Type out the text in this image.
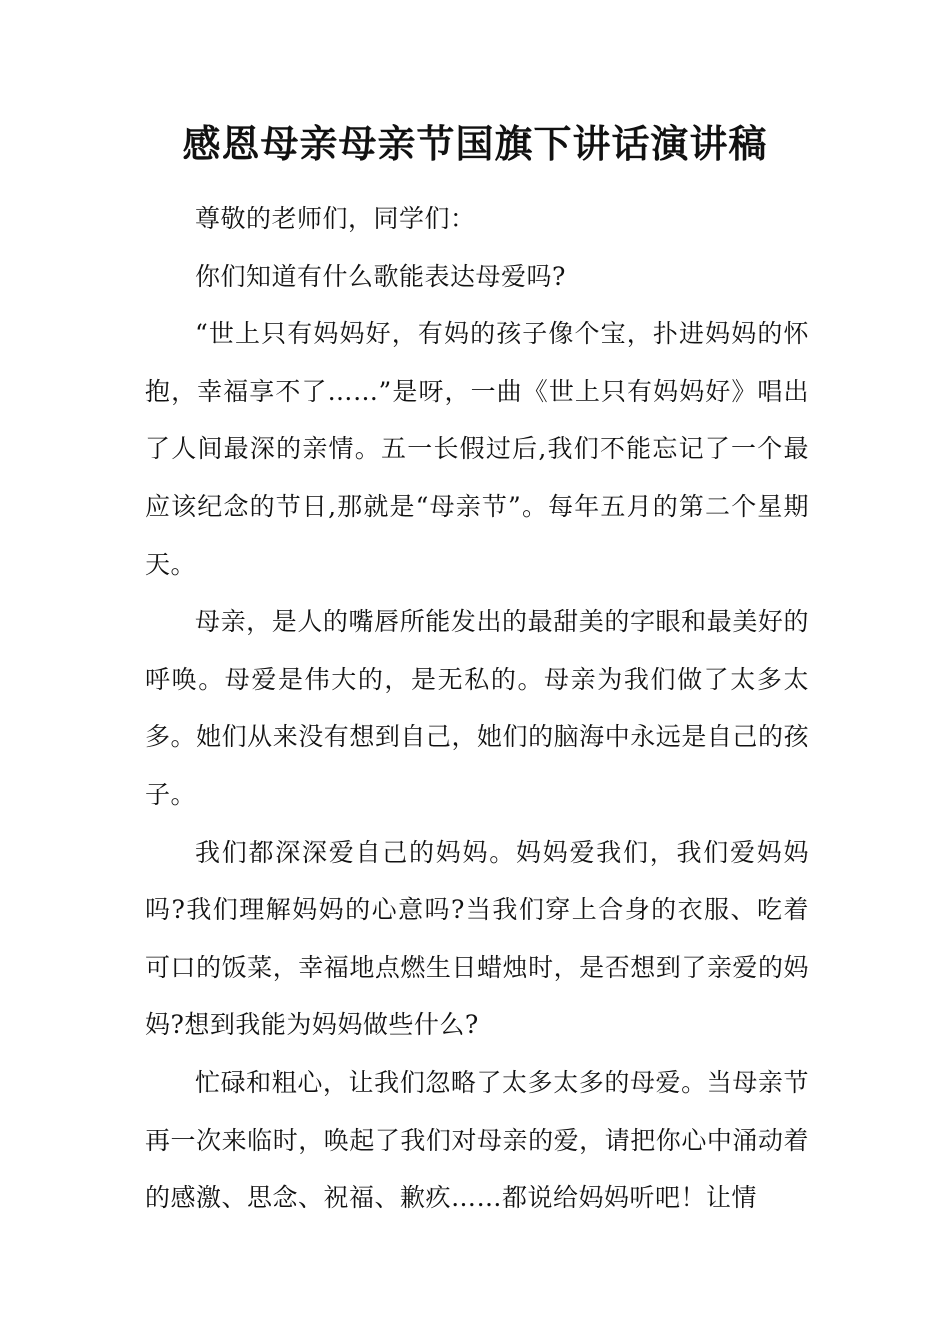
感恩母亲母亲节国旗下讲话演讲稿

尊敬的老师们，同学们：

你们知道有什么歌能表达母爱吗?

“世上只有妈妈好，有妈的孩子像个宝，扑进妈妈的怀抱，幸福享不了……”是呀，一曲《世上只有妈妈好》唱出了人间最深的亲情。五一长假过后,我们不能忘记了一个最应该纪念的节日,那就是“母亲节”。每年五月的第二个星期天。

母亲，是人的嘴唇所能发出的最甜美的字眼和最美好的呼唤。母爱是伟大的，是无私的。母亲为我们做了太多太多。她们从来没有想到自己，她们的脑海中永远是自己的孩子。

我们都深深爱自己的妈妈。妈妈爱我们，我们爱妈妈吗?我们理解妈妈的心意吗?当我们穿上合身的衣服、吃着可口的饭菜，幸福地点燃生日蜡烛时，是否想到了亲爱的妈妈?想到我能为妈妈做些什么?

忙碌和粗心，让我们忽略了太多太多的母爱。当母亲节再一次来临时，唤起了我们对母亲的爱，请把你心中涌动着的感激、思念、祝福、歉疚……都说给妈妈听吧！让情
